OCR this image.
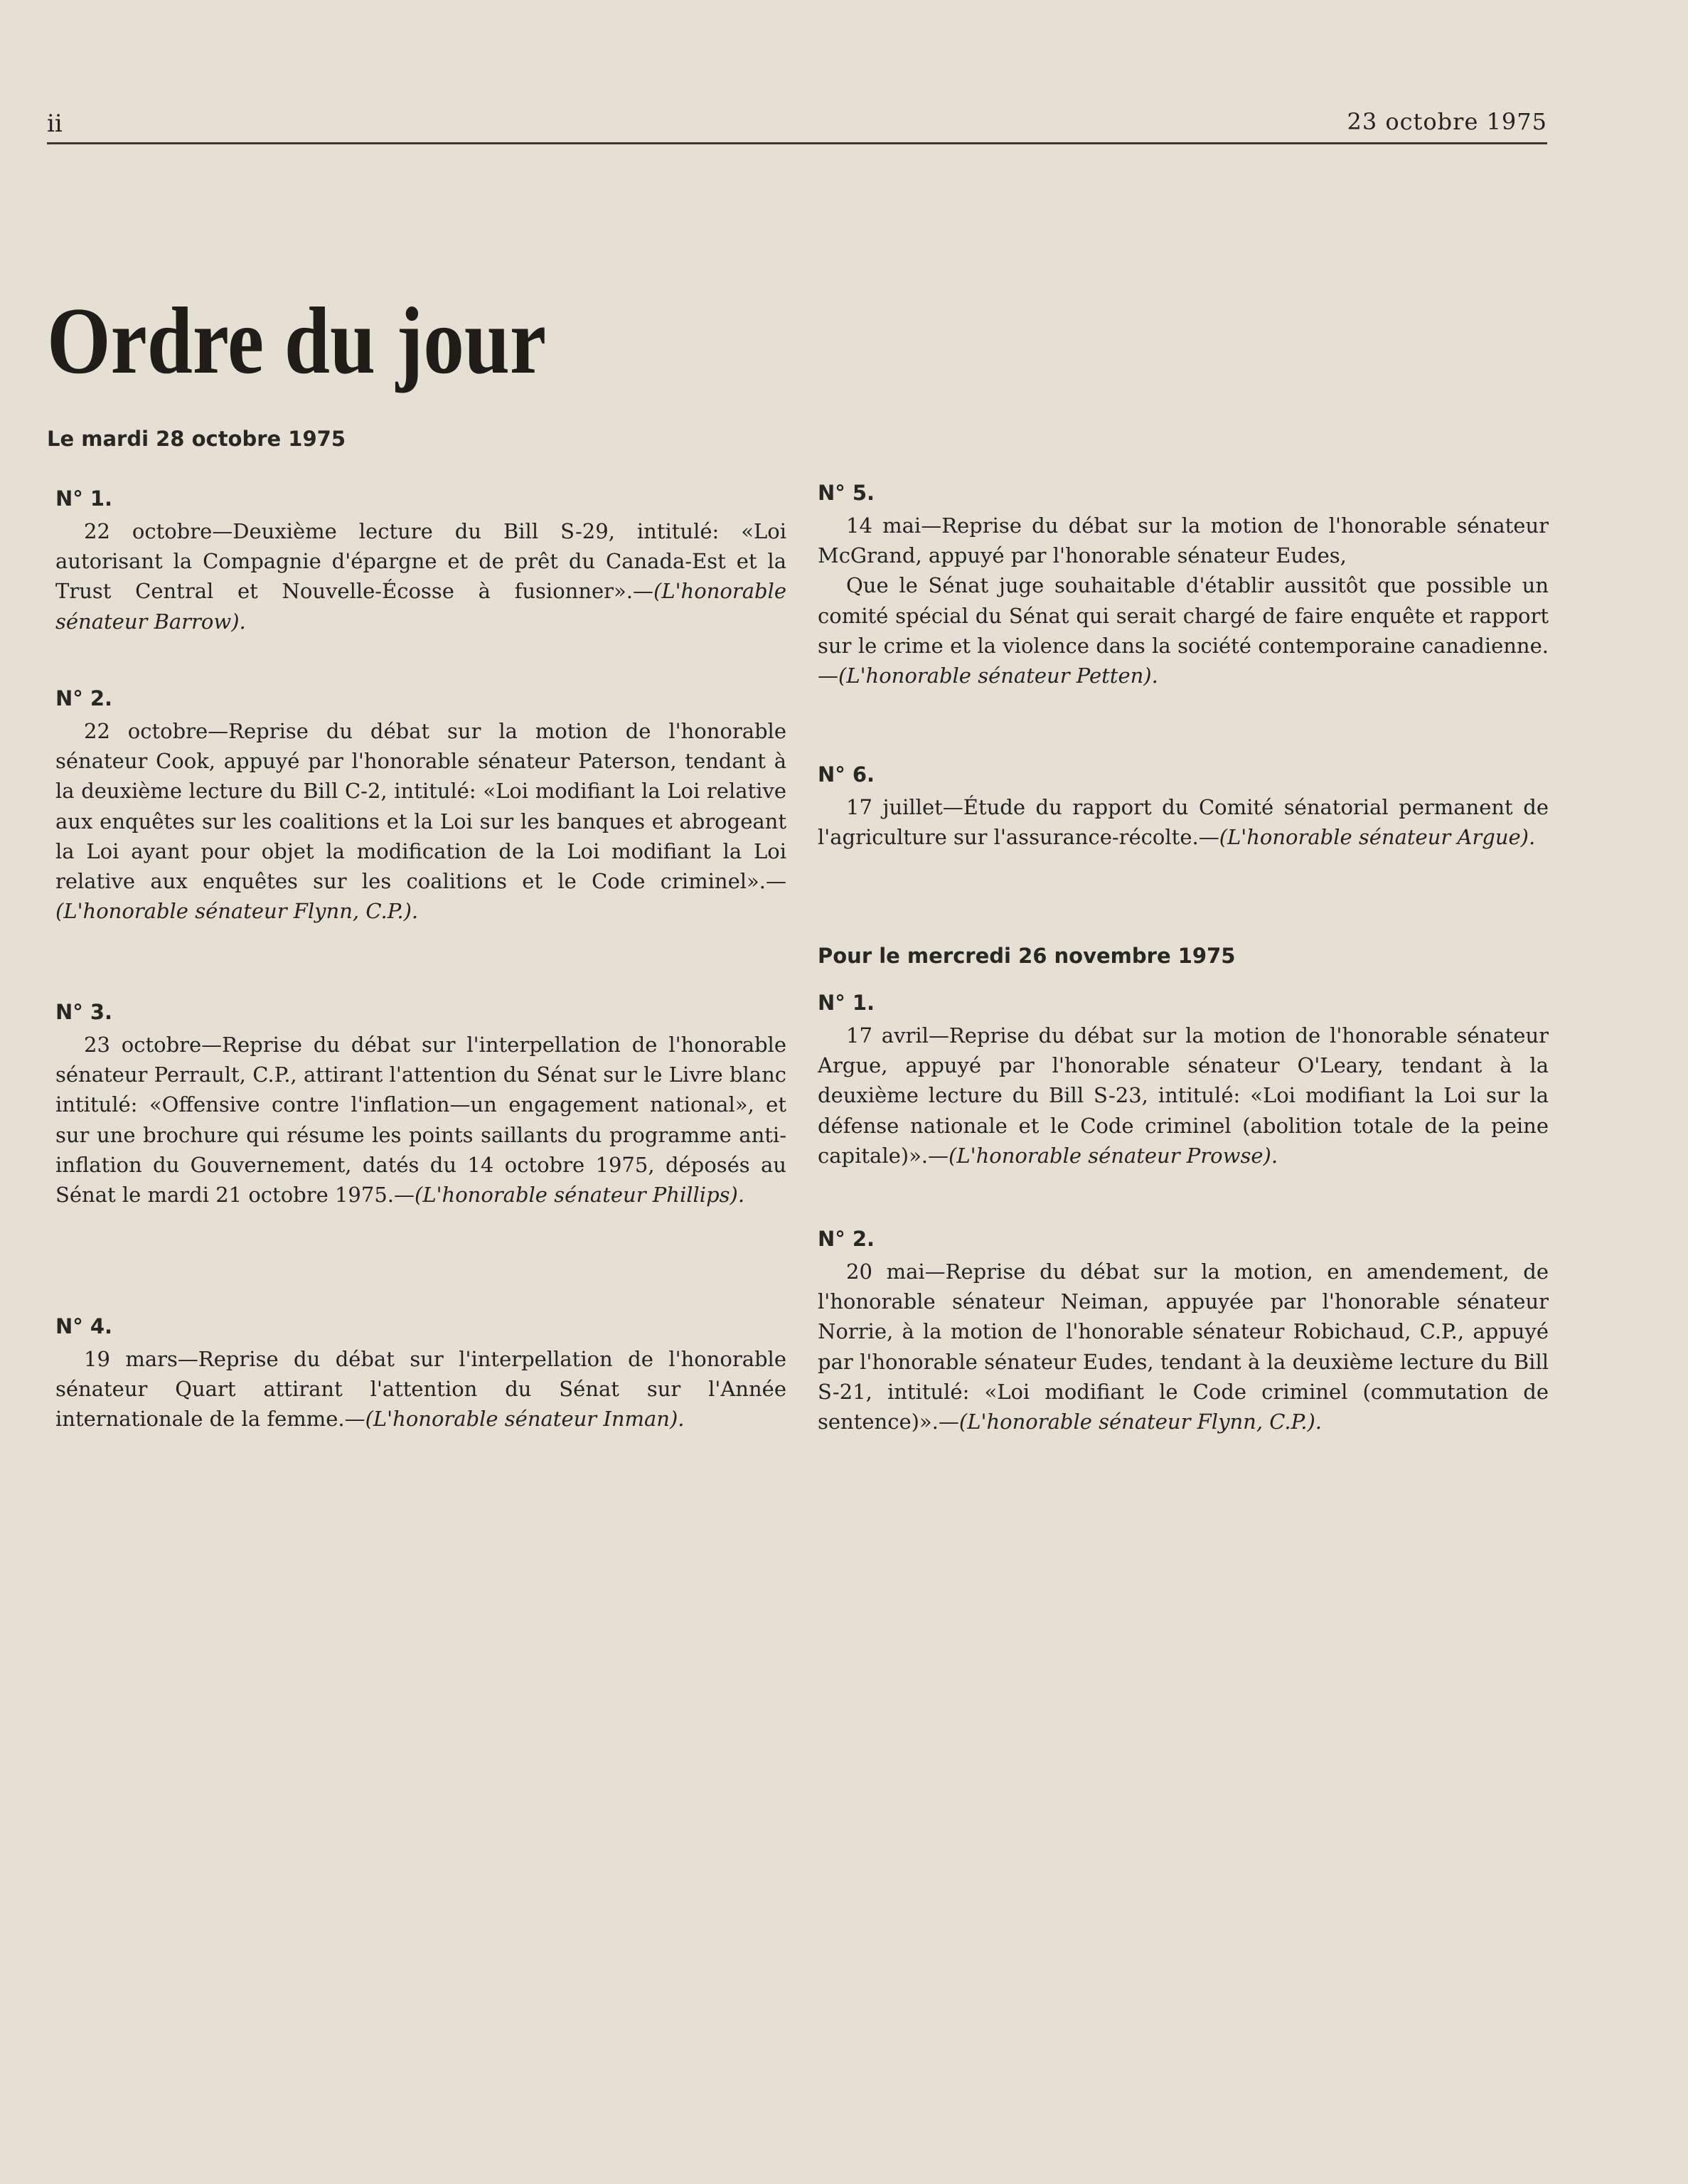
ii	23 octobre 1975
Ordre du jour
Le mardi 28 octobre 1975

N° 1.

22 octobre—Deuxième lecture du Bill S-29, intitulé: «Loi autorisant la Compagnie d'épargne et de prêt du Canada-Est et la Trust Central et Nouvelle-Écosse à fusionner».—(L'honorable sénateur Barrow).

N° 2.

22 octobre—Reprise du débat sur la motion de l'honorable sénateur Cook, appuyé par l'honorable sénateur Paterson, tendant à la deuxième lecture du Bill C-2, intitulé: «Loi modifiant la Loi relative aux enquêtes sur les coalitions et la Loi sur les banques et abrogeant la Loi ayant pour objet la modification de la Loi modifiant la Loi relative aux enquêtes sur les coalitions et le Code criminel».—(L'honorable sénateur Flynn, C.P.).

N° 3.

23 octobre—Reprise du débat sur l'interpellation de l'honorable sénateur Perrault, C.P., attirant l'attention du Sénat sur le Livre blanc intitulé: «Offensive contre l'inflation—un engagement national», et sur une brochure qui résume les points saillants du programme anti-inflation du Gouvernement, datés du 14 octobre 1975, déposés au Sénat le mardi 21 octobre 1975.—(L'honorable sénateur Phillips).

N° 4.

19 mars—Reprise du débat sur l'interpellation de l'honorable sénateur Quart attirant l'attention du Sénat sur l'Année internationale de la femme.—(L'honorable sénateur Inman).

N° 5.

14 mai—Reprise du débat sur la motion de l'honorable sénateur McGrand, appuyé par l'honorable sénateur Eudes,

Que le Sénat juge souhaitable d'établir aussitôt que possible un comité spécial du Sénat qui serait chargé de faire enquête et rapport sur le crime et la violence dans la société contemporaine canadienne.—(L'honorable sénateur Petten).

N° 6.

17 juillet—Étude du rapport du Comité sénatorial permanent de l'agriculture sur l'assurance-récolte.—(L'honorable sénateur Argue).

Pour le mercredi 26 novembre 1975

N° 1.

17 avril—Reprise du débat sur la motion de l'honorable sénateur Argue, appuyé par l'honorable sénateur O'Leary, tendant à la deuxième lecture du Bill S-23, intitulé: «Loi modifiant la Loi sur la défense nationale et le Code criminel (abolition totale de la peine capitale)».—(L'honorable sénateur Prowse).

N° 2.

20 mai—Reprise du débat sur la motion, en amendement, de l'honorable sénateur Neiman, appuyée par l'honorable sénateur Norrie, à la motion de l'honorable sénateur Robichaud, C.P., appuyé par l'honorable sénateur Eudes, tendant à la deuxième lecture du Bill S-21, intitulé: «Loi modifiant le Code criminel (commutation de sentence)».—(L'honorable sénateur Flynn, C.P.).
